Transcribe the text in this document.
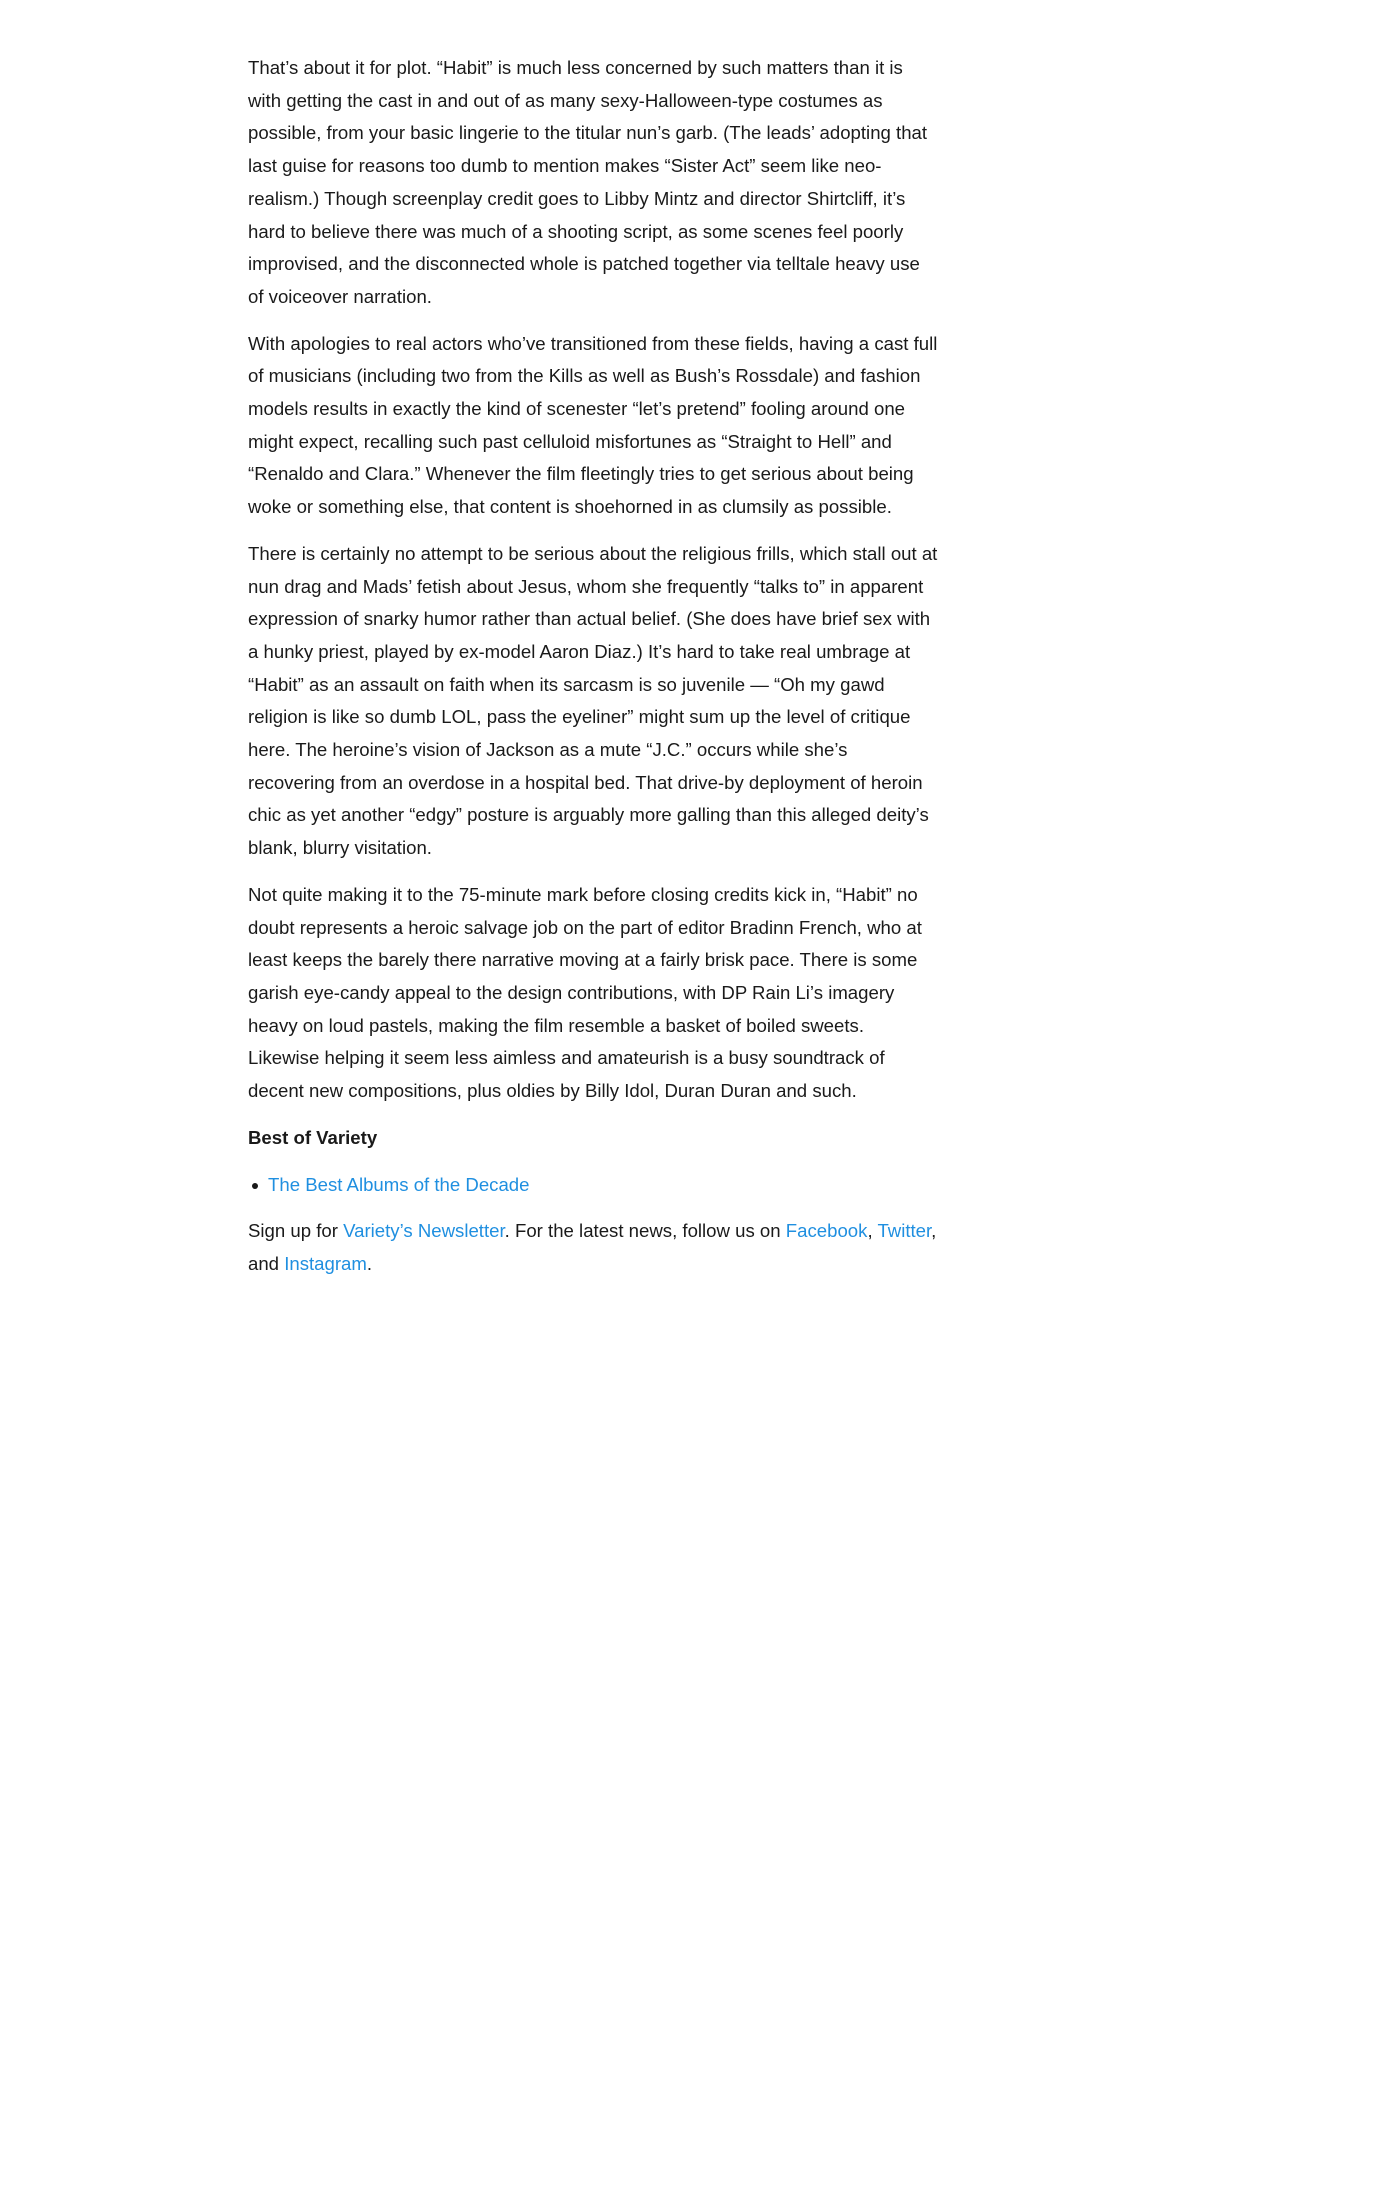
That’s about it for plot. “Habit” is much less concerned by such matters than it is with getting the cast in and out of as many sexy-Halloween-type costumes as possible, from your basic lingerie to the titular nun’s garb. (The leads’ adopting that last guise for reasons too dumb to mention makes “Sister Act” seem like neo-realism.) Though screenplay credit goes to Libby Mintz and director Shirtcliff, it’s hard to believe there was much of a shooting script, as some scenes feel poorly improvised, and the disconnected whole is patched together via telltale heavy use of voiceover narration.

With apologies to real actors who’ve transitioned from these fields, having a cast full of musicians (including two from the Kills as well as Bush’s Rossdale) and fashion models results in exactly the kind of scenester “let’s pretend” fooling around one might expect, recalling such past celluloid misfortunes as “Straight to Hell” and “Renaldo and Clara.” Whenever the film fleetingly tries to get serious about being woke or something else, that content is shoehorned in as clumsily as possible.

There is certainly no attempt to be serious about the religious frills, which stall out at nun drag and Mads’ fetish about Jesus, whom she frequently “talks to” in apparent expression of snarky humor rather than actual belief. (She does have brief sex with a hunky priest, played by ex-model Aaron Diaz.) It’s hard to take real umbrage at “Habit” as an assault on faith when its sarcasm is so juvenile — “Oh my gawd religion is like so dumb LOL, pass the eyeliner” might sum up the level of critique here. The heroine’s vision of Jackson as a mute “J.C.” occurs while she’s recovering from an overdose in a hospital bed. That drive-by deployment of heroin chic as yet another “edgy” posture is arguably more galling than this alleged deity’s blank, blurry visitation.

Not quite making it to the 75-minute mark before closing credits kick in, “Habit” no doubt represents a heroic salvage job on the part of editor Bradinn French, who at least keeps the barely there narrative moving at a fairly brisk pace. There is some garish eye-candy appeal to the design contributions, with DP Rain Li’s imagery heavy on loud pastels, making the film resemble a basket of boiled sweets. Likewise helping it seem less aimless and amateurish is a busy soundtrack of decent new compositions, plus oldies by Billy Idol, Duran Duran and such.

Best of Variety

The Best Albums of the Decade

Sign up for Variety’s Newsletter. For the latest news, follow us on Facebook, Twitter, and Instagram.
